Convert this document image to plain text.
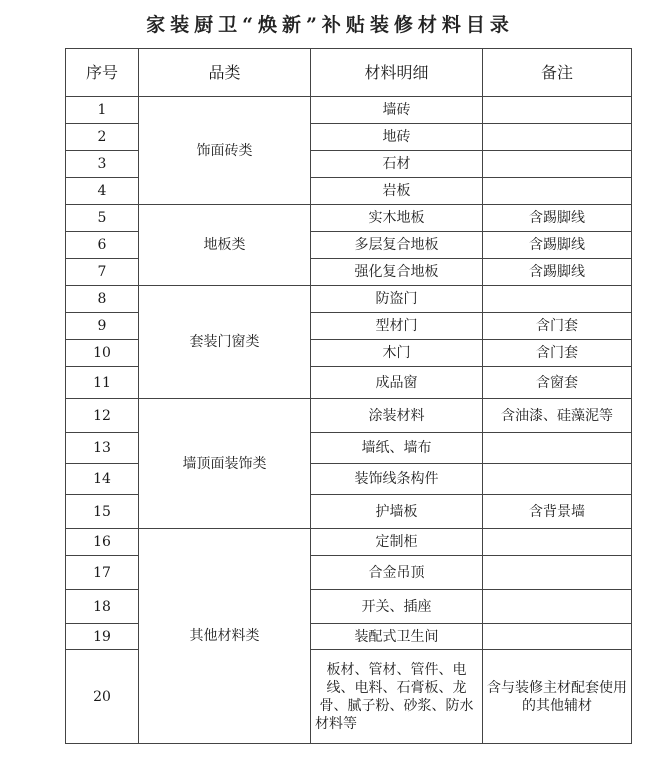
家装厨卫“焕新”补贴装修材料目录
序号	品类	材料明细	备注
1	饰面砖类	墙砖	
2		地砖	
3		石材	
4		岩板	
5	地板类	实木地板	含踢脚线
6		多层复合地板	含踢脚线
7		强化复合地板	含踢脚线
8	套装门窗类	防盗门	
9		型材门	含门套
10		木门	含门套
11		成品窗	含窗套
12	墙顶面装饰类	涂装材料	含油漆、硅藻泥等
13		墙纸、墙布	
14		装饰线条构件	
15		护墙板	含背景墙
16	其他材料类	定制柜	
17		合金吊顶	
18		开关、插座	
19		装配式卫生间	
20		板材、管材、管件、电线、电料、石膏板、龙骨、腻子粉、砂浆、防水材料等	含与装修主材配套使用的其他辅材
